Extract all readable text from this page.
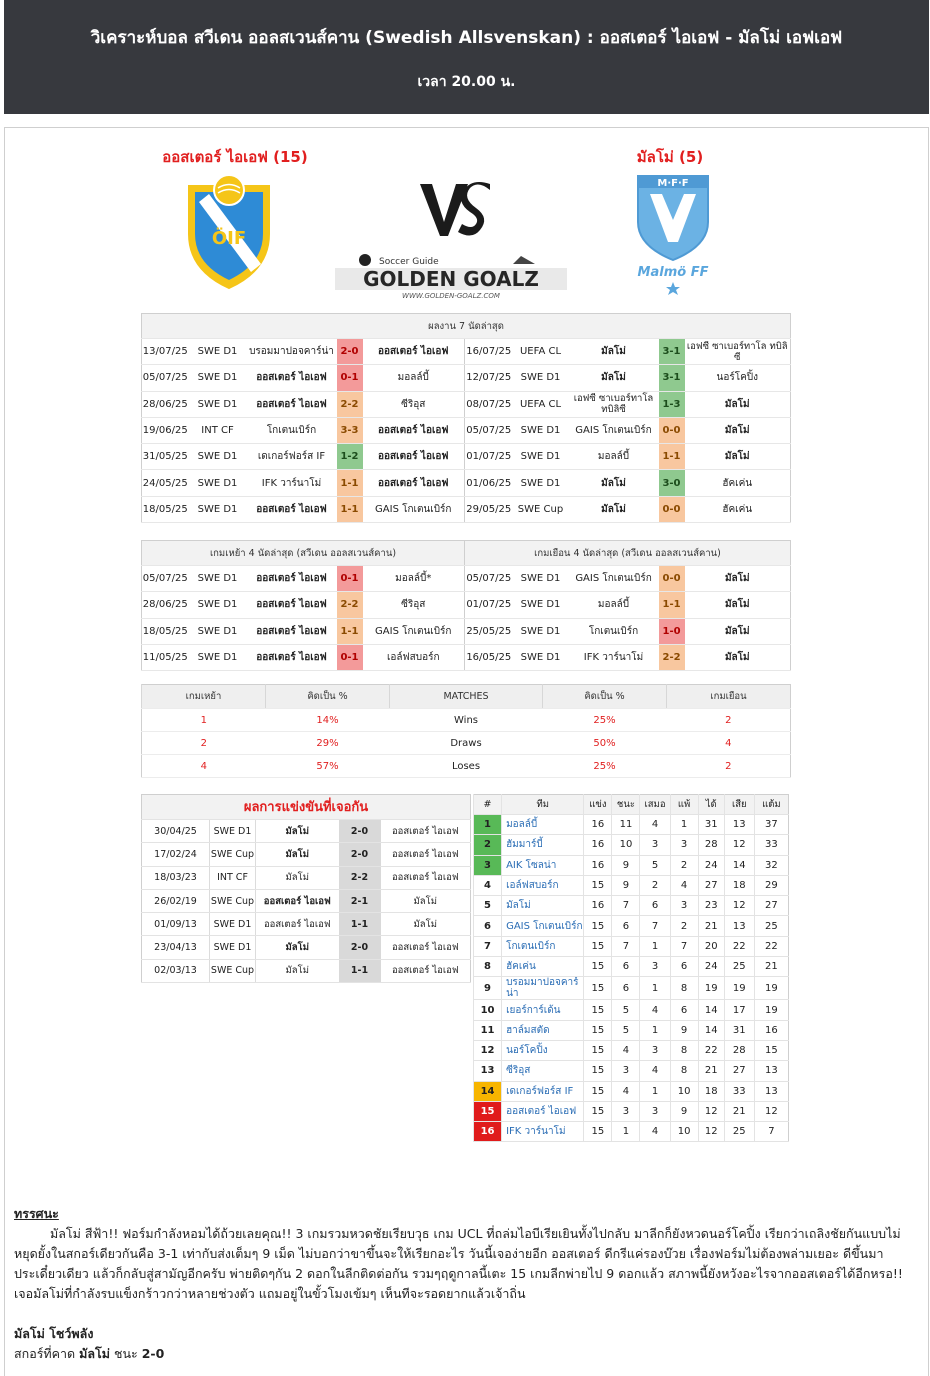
วิเคราะห์บอล สวีเดน ออลสเวนส์คาน (Swedish Allsvenskan) : ออสเตอร์ ไอเอฟ - มัลโม่ เอฟเอฟ
เวลา 20.00 น.
ออสเตอร์ ไอเอฟ (15)	มัลโม่ (5)
ÖIF
Soccer Guide
GOLDEN GOALZ
WWW.GOLDEN-GOALZ.COM
M·F·F
Malmö FF
ผลงาน 7 นัดล่าสุด									
13/07/25	SWE D1	บรอมมาปอจคาร์น่า	2-0	ออสเตอร์ ไอเอฟ	16/07/25	UEFA CL	มัลโม่	3-1	เอฟซี ซาเบอร์ทาโล ทบิลิซี
05/07/25	SWE D1	ออสเตอร์ ไอเอฟ	0-1	มอลล์บี้	12/07/25	SWE D1	มัลโม่	3-1	นอร์โคปิ้ง
28/06/25	SWE D1	ออสเตอร์ ไอเอฟ	2-2	ซีริอุส	08/07/25	UEFA CL	เอฟซี ซาเบอร์ทาโล ทบิลิซี	1-3	มัลโม่
19/06/25	INT CF	โกเตนเบิร์ก	3-3	ออสเตอร์ ไอเอฟ	05/07/25	SWE D1	GAIS โกเตนเบิร์ก	0-0	มัลโม่
31/05/25	SWE D1	เดเกอร์ฟอร์ส IF	1-2	ออสเตอร์ ไอเอฟ	01/07/25	SWE D1	มอลล์บี้	1-1	มัลโม่
24/05/25	SWE D1	IFK วาร์นาโม่	1-1	ออสเตอร์ ไอเอฟ	01/06/25	SWE D1	มัลโม่	3-0	ฮัคเค่น
18/05/25	SWE D1	ออสเตอร์ ไอเอฟ	1-1	GAIS โกเตนเบิร์ก	29/05/25	SWE Cup	มัลโม่	0-0	ฮัคเค่น
เกมเหย้า 4 นัดล่าสุด (สวีเดน ออลสเวนส์คาน)					เกมเยือน 4 นัดล่าสุด (สวีเดน ออลสเวนส์คาน)				
05/07/25	SWE D1	ออสเตอร์ ไอเอฟ	0-1	มอลล์บี้*	05/07/25	SWE D1	GAIS โกเตนเบิร์ก	0-0	มัลโม่
28/06/25	SWE D1	ออสเตอร์ ไอเอฟ	2-2	ซีริอุส	01/07/25	SWE D1	มอลล์บี้	1-1	มัลโม่
18/05/25	SWE D1	ออสเตอร์ ไอเอฟ	1-1	GAIS โกเตนเบิร์ก	25/05/25	SWE D1	โกเตนเบิร์ก	1-0	มัลโม่
11/05/25	SWE D1	ออสเตอร์ ไอเอฟ	0-1	เอล์ฟสบอร์ก	16/05/25	SWE D1	IFK วาร์นาโม่	2-2	มัลโม่
เกมเหย้า	คิดเป็น %	MATCHES	คิดเป็น %	เกมเยือน
1	14%	Wins	25%	2
2	29%	Draws	50%	4
4	57%	Loses	25%	2
ผลการแข่งขันที่เจอกัน				
30/04/25	SWE D1	มัลโม่	2-0	ออสเตอร์ ไอเอฟ
17/02/24	SWE Cup	มัลโม่	2-0	ออสเตอร์ ไอเอฟ
18/03/23	INT CF	มัลโม่	2-2	ออสเตอร์ ไอเอฟ
26/02/19	SWE Cup	ออสเตอร์ ไอเอฟ	2-1	มัลโม่
01/09/13	SWE D1	ออสเตอร์ ไอเอฟ	1-1	มัลโม่
23/04/13	SWE D1	มัลโม่	2-0	ออสเตอร์ ไอเอฟ
02/03/13	SWE Cup	มัลโม่	1-1	ออสเตอร์ ไอเอฟ
#	ทีม	แข่ง	ชนะ	เสมอ	แพ้	ได้	เสีย	แต้ม
1	มอลล์บี้	16	11	4	1	31	13	37
2	ฮัมมาร์บี้	16	10	3	3	28	12	33
3	AIK โซลน่า	16	9	5	2	24	14	32
4	เอล์ฟสบอร์ก	15	9	2	4	27	18	29
5	มัลโม่	16	7	6	3	23	12	27
6	GAIS โกเตนเบิร์ก	15	6	7	2	21	13	25
7	โกเตนเบิร์ก	15	7	1	7	20	22	22
8	ฮัคเค่น	15	6	3	6	24	25	21
9	บรอมมาปอจคาร์น่า	15	6	1	8	19	19	19
10	เยอร์การ์เด้น	15	5	4	6	14	17	19
11	ฮาล์มสตัด	15	5	1	9	14	31	16
12	นอร์โคปิ้ง	15	4	3	8	22	28	15
13	ซีริอุส	15	3	4	8	21	27	13
14	เดเกอร์ฟอร์ส IF	15	4	1	10	18	33	13
15	ออสเตอร์ ไอเอฟ	15	3	3	9	12	21	12
16	IFK วาร์นาโม่	15	1	4	10	12	25	7
ทรรศนะ
มัลโม่ สีฟ้า!! ฟอร์มกำลังหอมได้ถ้วยเลยคุณ!! 3 เกมรวมหวดชัยเรียบวุธ เกม UCL ที่ถล่มไอบีเรียเยินทั้งไปกลับ มาลีกก็ยังหวดนอร์โคปิ้ง เรียกว่าเถลิงชัยกันแบบไม่หยุดยั้งในสกอร์เดียวกันคือ 3-1 เท่ากับส่งเต็มๆ 9 เม็ด ไม่บอกว่าขาขึ้นจะให้เรียกอะไร วันนี้เจอง่ายอีก ออสเตอร์ ดีกรีแค่รองบ๊วย เรื่องฟอร์มไม่ต้องพล่ามเยอะ ดีขึ้นมาประเดี๋ยวเดียว แล้วก็กลับสู่สามัญอีกครับ พ่ายติดๆกัน 2 ดอกในลีกติดต่อกัน รวมๆฤดูกาลนี้เตะ 15 เกมลีกพ่ายไป 9 ดอกแล้ว สภาพนี้ยังหวังอะไรจากออสเตอร์ได้อีกหรอ!! เจอมัลโม่ที่กำลังรบแข็งกร้าวกว่าหลายช่วงตัว แถมอยู่ในขั้วโมงเข้มๆ เห็นทีจะรอดยากแล้วเจ้าถิ่น
มัลโม่ โชว์พลัง
สกอร์ที่คาด มัลโม่ ชนะ 2-0
